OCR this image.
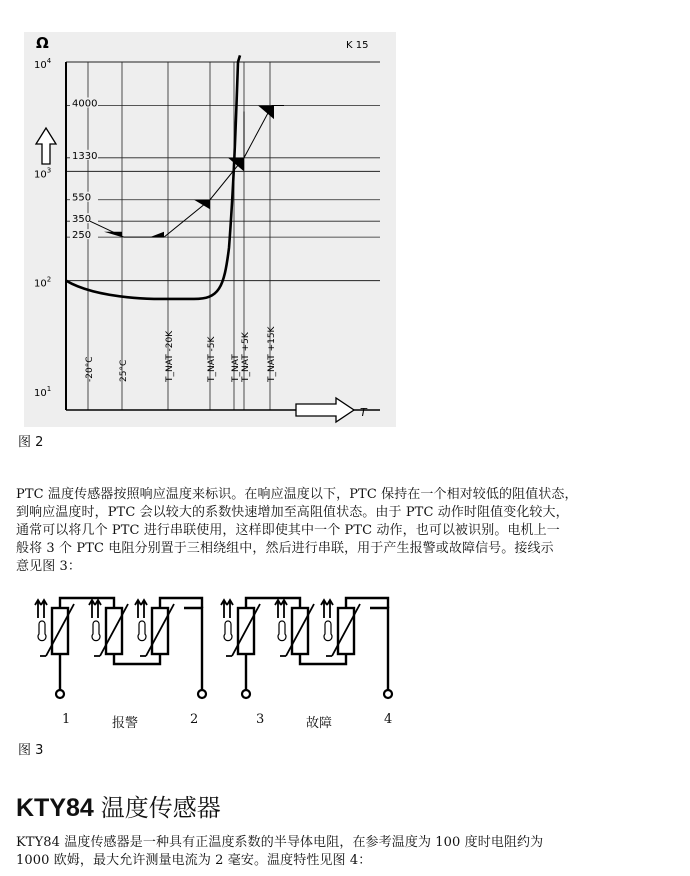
Ω	K 15
$10^1$
$10^2$
$10^3$
$10^4$
4000
1330
550
350
250
-20°C	25°C	T_NAT -20K	T_NAT -5K T_NAT T_NAT +5K T_NAT +15K
T
图 2
PTC 温度传感器按照响应温度来标识。在响应温度以下，PTC 保持在一个相对较低的阻值状态，
到响应温度时，PTC 会以较大的系数快速增加至高阻值状态。由于 PTC 动作时阻值变化较大，
通常可以将几个 PTC 进行串联使用，这样即使其中一个 PTC 动作，也可以被识别。电机上一
般将 3 个 PTC 电阻分别置于三相绕组中，然后进行串联，用于产生报警或故障信号。接线示
意见图 3：
1	报警	2	3	故障	4
图 3
KTY84 温度传感器
KTY84 温度传感器是一种具有正温度系数的半导体电阻，在参考温度为 100 度时电阻约为
1000 欧姆，最大允许测量电流为 2 毫安。温度特性见图 4：
